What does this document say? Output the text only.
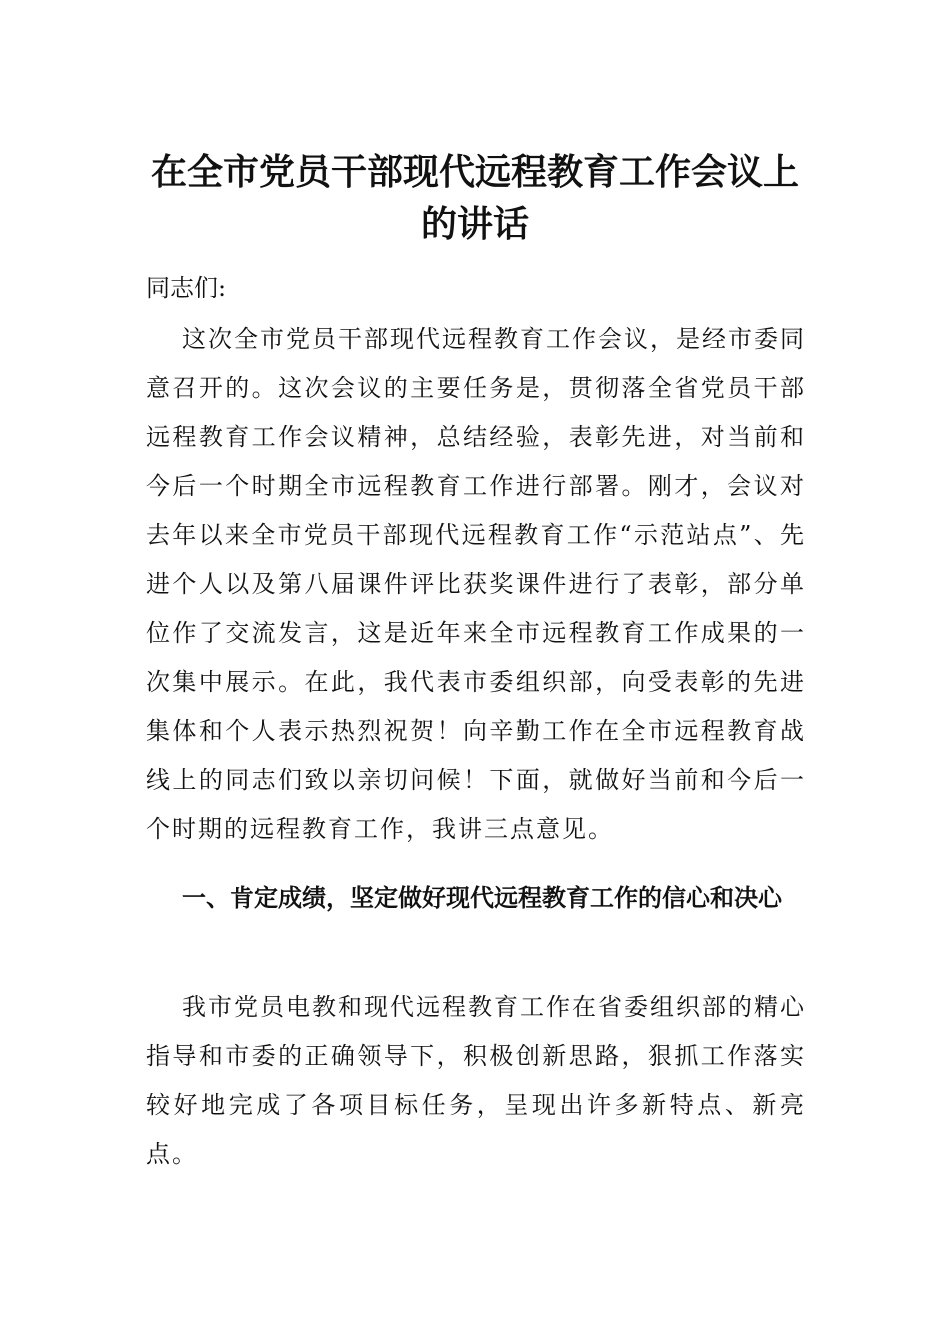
在全市党员干部现代远程教育工作会议上的讲话

同志们:

这次全市党员干部现代远程教育工作会议，是经市委同意召开的。这次会议的主要任务是，贯彻落全省党员干部远程教育工作会议精神，总结经验，表彰先进，对当前和今后一个时期全市远程教育工作进行部署。刚才，会议对去年以来全市党员干部现代远程教育工作“示范站点”、先进个人以及第八届课件评比获奖课件进行了表彰，部分单位作了交流发言，这是近年来全市远程教育工作成果的一次集中展示。在此，我代表市委组织部，向受表彰的先进集体和个人表示热烈祝贺！向辛勤工作在全市远程教育战线上的同志们致以亲切问候！下面，就做好当前和今后一个时期的远程教育工作，我讲三点意见。

一、肯定成绩，坚定做好现代远程教育工作的信心和决心

我市党员电教和现代远程教育工作在省委组织部的精心指导和市委的正确领导下，积极创新思路，狠抓工作落实较好地完成了各项目标任务，呈现出许多新特点、新亮点。
